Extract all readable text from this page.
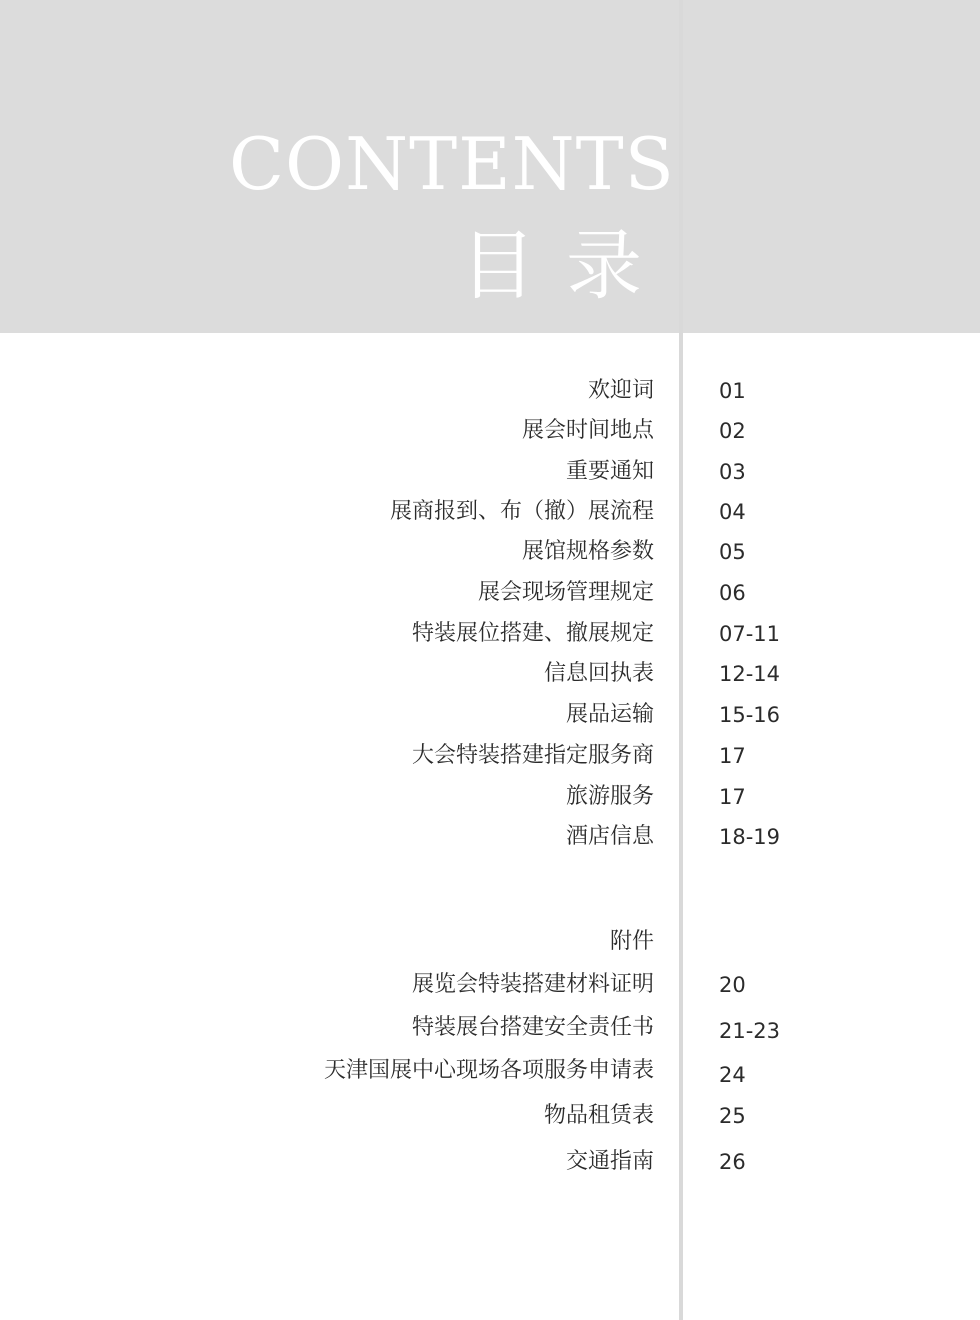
CONTENTS
目录
欢迎词	01
展会时间地点	02
重要通知	03
展商报到、布（撤）展流程	04
展馆规格参数	05
展会现场管理规定	06
特装展位搭建、撤展规定	07-11
信息回执表	12-14
展品运输	15-16
大会特装搭建指定服务商	17
旅游服务	17
酒店信息	18-19
附件
展览会特装搭建材料证明	20
特装展台搭建安全责任书	21-23
天津国展中心现场各项服务申请表	24
物品租赁表	25
交通指南	26
